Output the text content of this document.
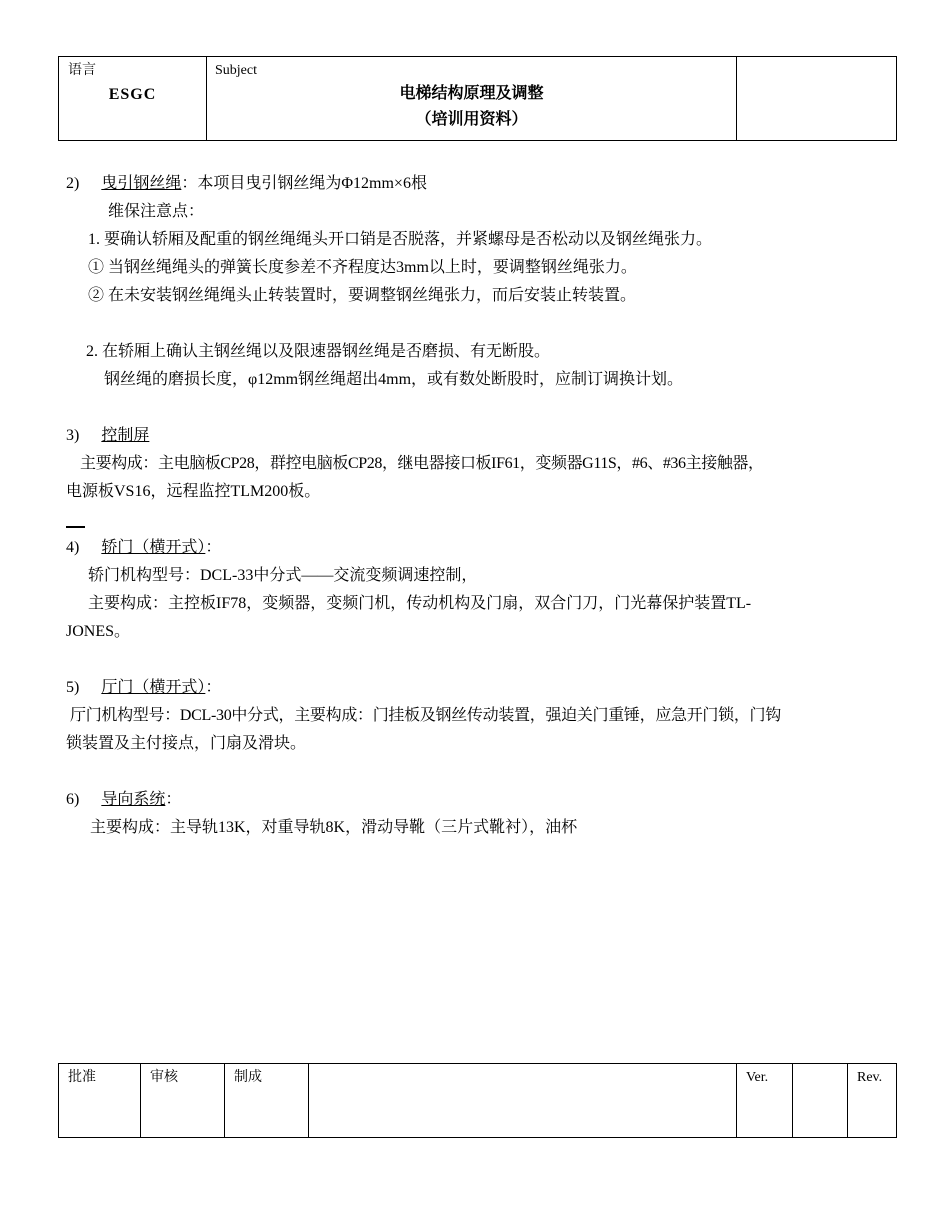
语言
ESGC

Subject
电梯结构原理及调整
（培训用资料）

2) 曳引钢丝绳：本项目曳引钢丝绳为Φ12mm×6根
维保注意点：
1. 要确认轿厢及配重的钢丝绳绳头开口销是否脱落，并紧螺母是否松动以及钢丝绳张力。
① 当钢丝绳绳头的弹簧长度参差不齐程度达3mm以上时，要调整钢丝绳张力。
② 在未安装钢丝绳绳头止转装置时，要调整钢丝绳张力，而后安装止转装置。
2. 在轿厢上确认主钢丝绳以及限速器钢丝绳是否磨损、有无断股。
钢丝绳的磨损长度，φ12mm钢丝绳超出4mm，或有数处断股时，应制订调换计划。
3) 控制屏
主要构成：主电脑板CP28，群控电脑板CP28，继电器接口板IF61，变频器G11S，#6、#36主接触器，
电源板VS16，远程监控TLM200板。
4) 轿门（横开式）：
轿门机构型号：DCL-33中分式——交流变频调速控制，
主要构成：主控板IF78，变频器，变频门机，传动机构及门扇，双合门刀，门光幕保护装置TL-
JONES。
5) 厅门（横开式）：
厅门机构型号：DCL-30中分式，主要构成：门挂板及钢丝传动装置，强迫关门重锤，应急开门锁，门钩
锁装置及主付接点，门扇及滑块。
6) 导向系统：
主要构成：主导轨13K，对重导轨8K，滑动导靴（三片式靴衬），油杯
批准	审核	制成		Ver.		Rev.
